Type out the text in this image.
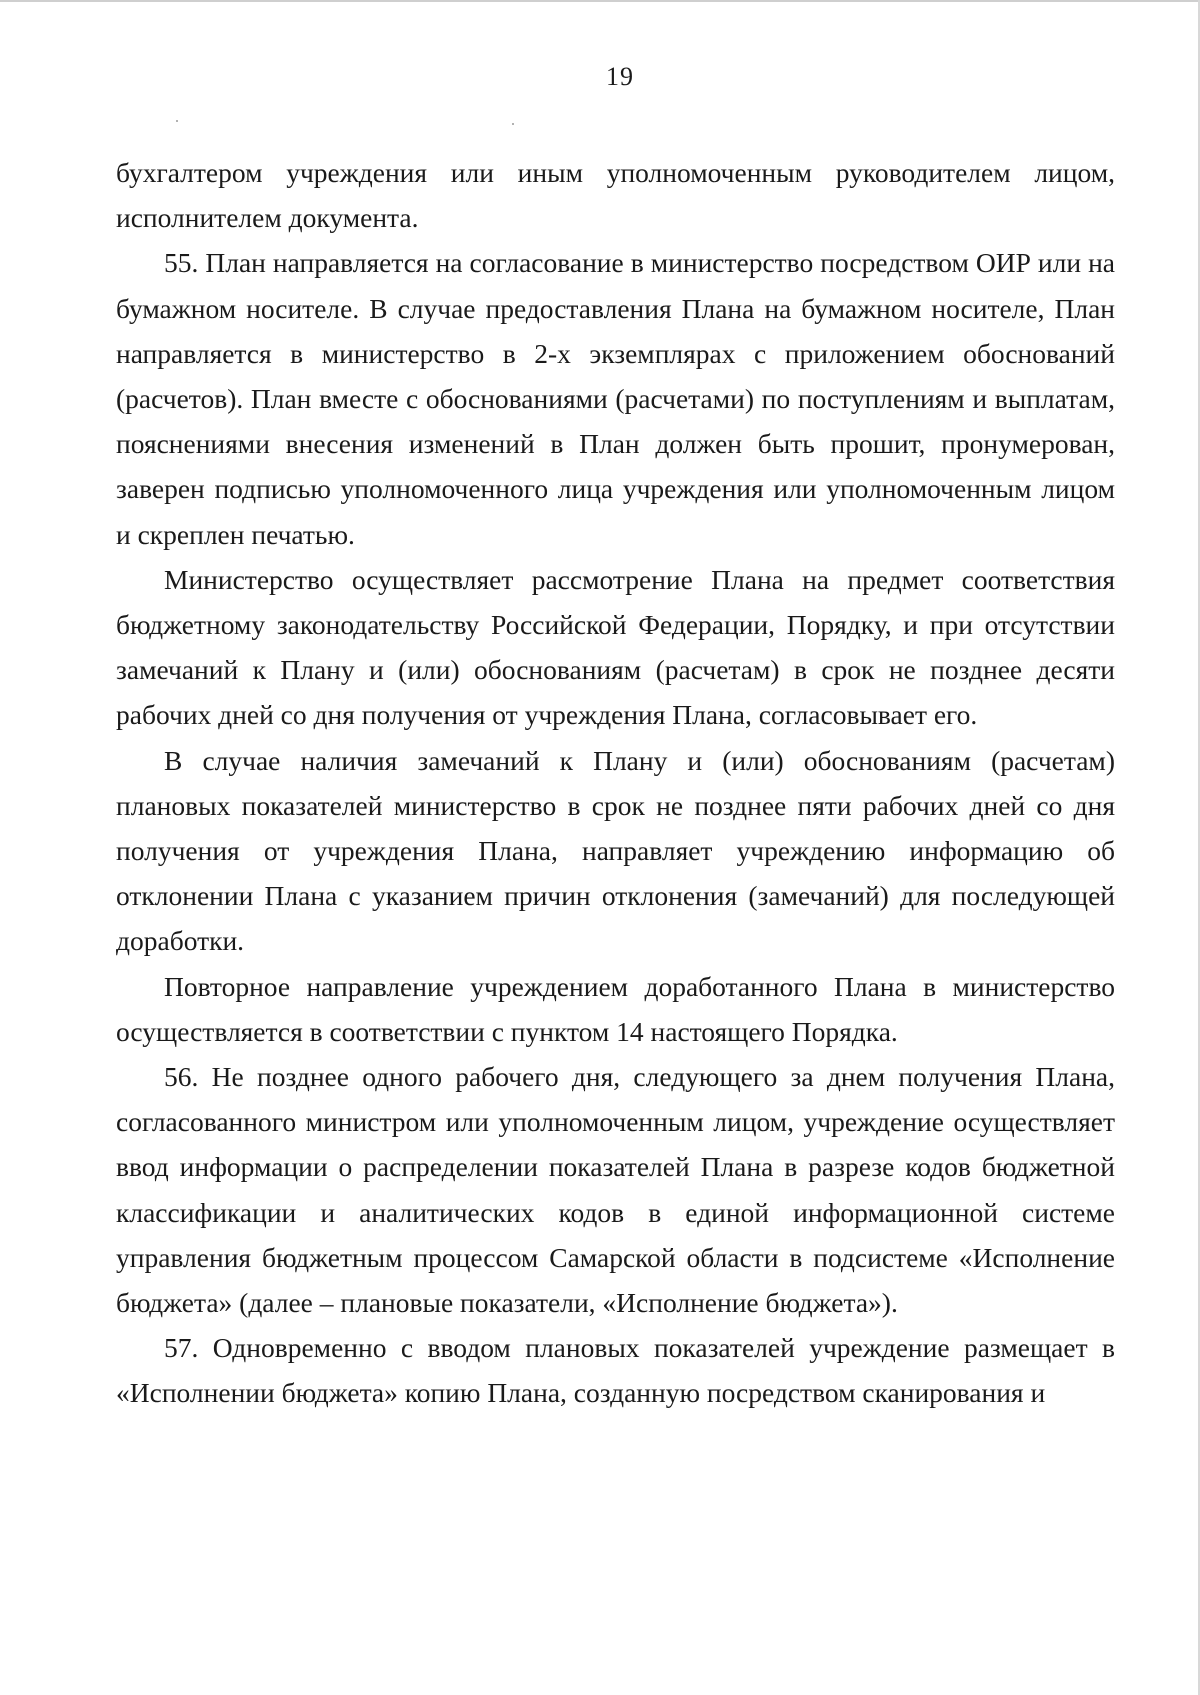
19

бухгалтером учреждения или иным уполномоченным руководителем лицом, исполнителем документа.

55. План направляется на согласование в министерство посредством ОИР или на бумажном носителе. В случае предоставления Плана на бумажном носителе, План направляется в министерство в 2-х экземплярах с приложением обоснований (расчетов). План вместе с обоснованиями (расчетами) по поступлениям и выплатам, пояснениями внесения изменений в План должен быть прошит, пронумерован, заверен подписью уполномоченного лица учреждения или уполномоченным лицом и скреплен печатью.

Министерство осуществляет рассмотрение Плана на предмет соответствия бюджетному законодательству Российской Федерации, Порядку, и при отсутствии замечаний к Плану и (или) обоснованиям (расчетам) в срок не позднее десяти рабочих дней со дня получения от учреждения Плана, согласовывает его.

В случае наличия замечаний к Плану и (или) обоснованиям (расчетам) плановых показателей министерство в срок не позднее пяти рабочих дней со дня получения от учреждения Плана, направляет учреждению информацию об отклонении Плана с указанием причин отклонения (замечаний) для последующей доработки.

Повторное направление учреждением доработанного Плана в министерство осуществляется в соответствии с пунктом 14 настоящего Порядка.

56. Не позднее одного рабочего дня, следующего за днем получения Плана, согласованного министром или уполномоченным лицом, учреждение осуществляет ввод информации о распределении показателей Плана в разрезе кодов бюджетной классификации и аналитических кодов в единой информационной системе управления бюджетным процессом Самарской области в подсистеме «Исполнение бюджета» (далее – плановые показатели, «Исполнение бюджета»).

57. Одновременно с вводом плановых показателей учреждение размещает в «Исполнении бюджета» копию Плана, созданную посредством сканирования и
